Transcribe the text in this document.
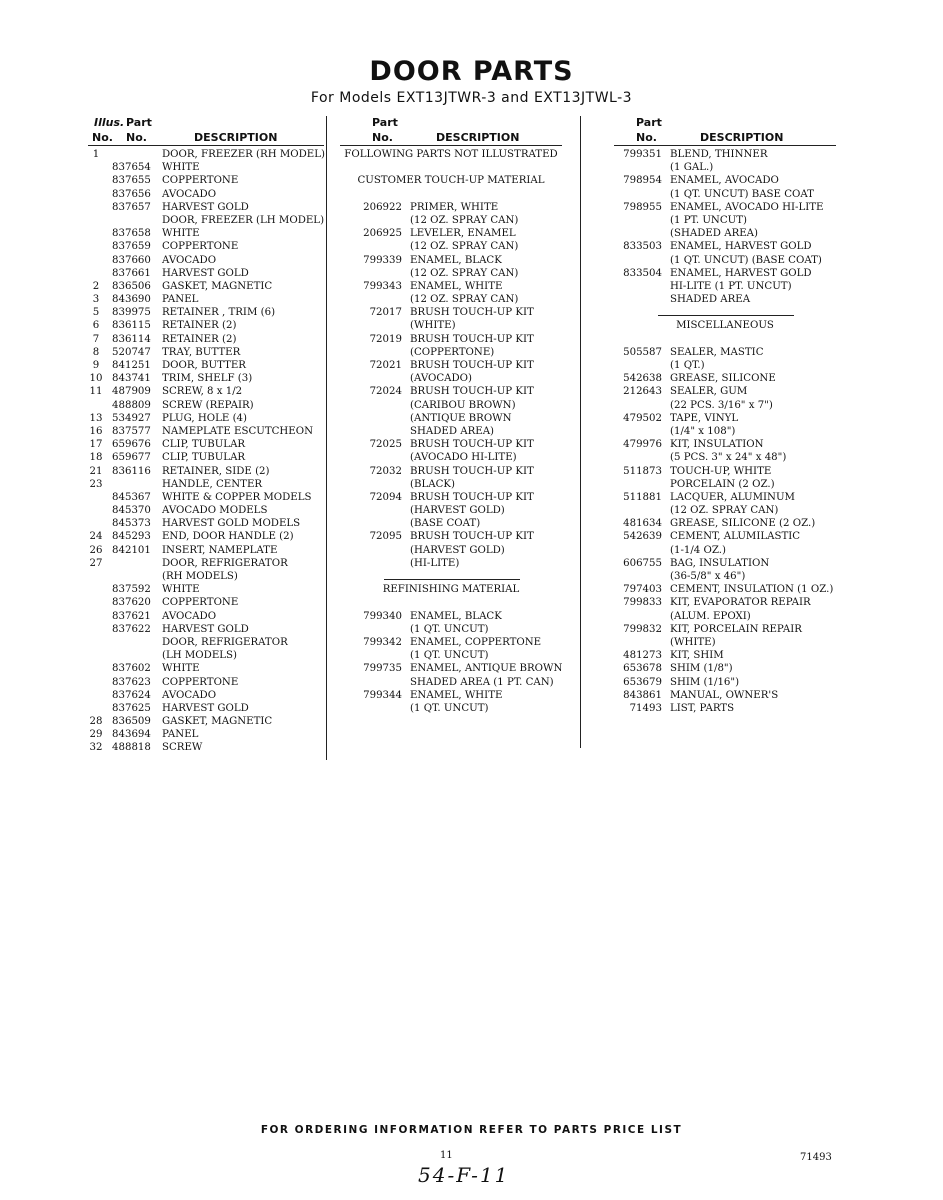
DOOR PARTS
For Models EXT13JTWR-3 and EXT13JTWL-3
Illus.
No.
Part
No.	DESCRIPTION
1	DOOR, FREEZER (RH MODEL)
837654 WHITE
837655 COPPERTONE
837656 AVOCADO
837657 HARVEST GOLD
DOOR, FREEZER (LH MODEL)
837658 WHITE
837659 COPPERTONE
837660 AVOCADO
837661 HARVEST GOLD
2	836506 GASKET, MAGNETIC
3	843690 PANEL
5	839975 RETAINER , TRIM (6)
6	836115 RETAINER (2)
7	836114 RETAINER (2)
8	520747 TRAY, BUTTER
9	841251 DOOR, BUTTER
10 843741 TRIM, SHELF (3)
11 487909 SCREW, 8 x 1/2
488809 SCREW (REPAIR)
13 534927 PLUG, HOLE (4)
16 837577 NAMEPLATE ESCUTCHEON
17 659676 CLIP, TUBULAR
18 659677 CLIP, TUBULAR
21 836116 RETAINER, SIDE (2)
23	HANDLE, CENTER
845367 WHITE & COPPER MODELS
845370 AVOCADO MODELS
845373 HARVEST GOLD MODELS
24 845293 END, DOOR HANDLE (2)
26 842101 INSERT, NAMEPLATE
27	DOOR, REFRIGERATOR
(RH MODELS)
837592 WHITE
837620 COPPERTONE
837621 AVOCADO
837622 HARVEST GOLD
DOOR, REFRIGERATOR
(LH MODELS)
837602 WHITE
837623 COPPERTONE
837624 AVOCADO
837625 HARVEST GOLD
28 836509 GASKET, MAGNETIC
29 843694 PANEL
32 488818 SCREW
Part
No.	DESCRIPTION
FOLLOWING PARTS NOT ILLUSTRATED
CUSTOMER TOUCH-UP MATERIAL
206922 PRIMER, WHITE
(12 OZ. SPRAY CAN)
206925 LEVELER, ENAMEL
(12 OZ. SPRAY CAN)
799339 ENAMEL, BLACK
(12 OZ. SPRAY CAN)
799343 ENAMEL, WHITE
(12 OZ. SPRAY CAN)
72017 BRUSH TOUCH-UP KIT
(WHITE)
72019 BRUSH TOUCH-UP KIT
(COPPERTONE)
72021 BRUSH TOUCH-UP KIT
(AVOCADO)
72024 BRUSH TOUCH-UP KIT
(CARIBOU BROWN)
(ANTIQUE BROWN
SHADED AREA)
72025 BRUSH TOUCH-UP KIT
(AVOCADO HI-LITE)
72032 BRUSH TOUCH-UP KIT
(BLACK)
72094 BRUSH TOUCH-UP KIT
(HARVEST GOLD)
(BASE COAT)
72095 BRUSH TOUCH-UP KIT
(HARVEST GOLD)
(HI-LITE)
REFINISHING MATERIAL
799340 ENAMEL, BLACK
(1 QT. UNCUT)
799342 ENAMEL, COPPERTONE
(1 QT. UNCUT)
799735 ENAMEL, ANTIQUE BROWN
SHADED AREA (1 PT. CAN)
799344 ENAMEL, WHITE
(1 QT. UNCUT)
Part
No.	DESCRIPTION
799351 BLEND, THINNER
(1 GAL.)
798954 ENAMEL, AVOCADO
(1 QT. UNCUT) BASE COAT
798955 ENAMEL, AVOCADO HI-LITE
(1 PT. UNCUT)
(SHADED AREA)
833503 ENAMEL, HARVEST GOLD
(1 QT. UNCUT) (BASE COAT)
833504 ENAMEL, HARVEST GOLD
HI-LITE (1 PT. UNCUT)
SHADED AREA
MISCELLANEOUS
505587 SEALER, MASTIC
(1 QT.)
542638 GREASE, SILICONE
212643 SEALER, GUM
(22 PCS. 3/16" x 7")
479502 TAPE, VINYL
(1/4" x 108")
479976 KIT, INSULATION
(5 PCS. 3" x 24" x 48")
511873 TOUCH-UP, WHITE
PORCELAIN (2 OZ.)
511881 LACQUER, ALUMINUM
(12 OZ. SPRAY CAN)
481634 GREASE, SILICONE (2 OZ.)
542639 CEMENT, ALUMILASTIC
(1-1/4 OZ.)
606755 BAG, INSULATION
(36-5/8" x 46")
797403 CEMENT, INSULATION (1 OZ.)
799833 KIT, EVAPORATOR REPAIR
(ALUM. EPOXI)
799832 KIT, PORCELAIN REPAIR
(WHITE)
481273 KIT, SHIM
653678 SHIM (1/8")
653679 SHIM (1/16")
843861 MANUAL, OWNER'S
71493 LIST, PARTS
FOR ORDERING INFORMATION REFER TO PARTS PRICE LIST
11	71493
54-F-11
